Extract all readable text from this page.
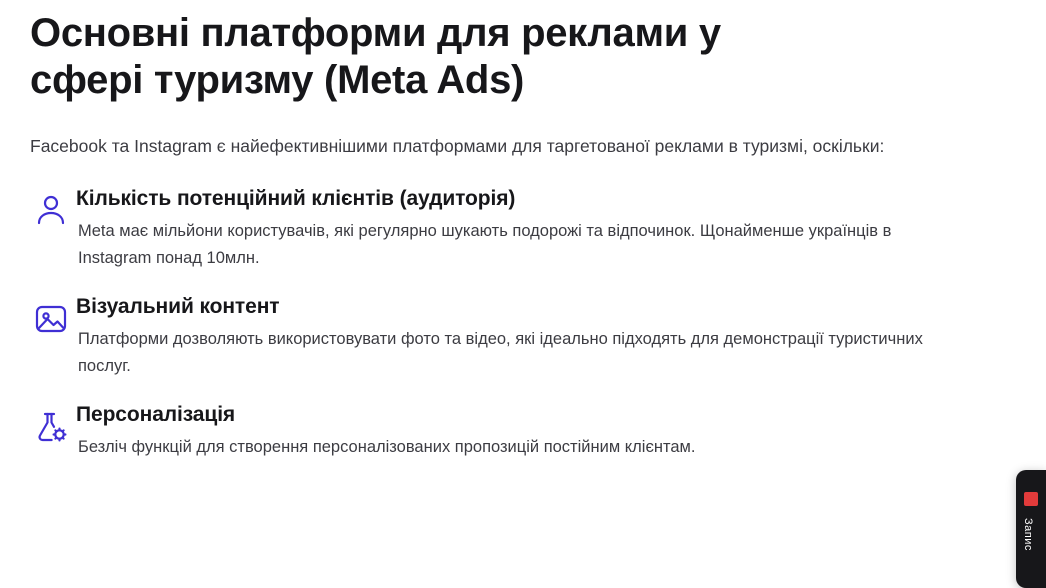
Основні платформи для реклами у сфері туризму (Meta Ads)

Facebook та Instagram є найефективнішими платформами для таргетованої реклами в туризмі, оскільки:

Кількість потенційний клієнтів (аудиторія)

Meta має мільйони користувачів, які регулярно шукають подорожі та відпочинок. Щонайменше українців в Instagram понад 10млн.

Візуальний контент

Платформи дозволяють використовувати фото та відео, які ідеально підходять для демонстрації туристичних послуг.

Персоналізація

Безліч функцій для створення персоналізованих пропозицій постійним клієнтам.

Запис
